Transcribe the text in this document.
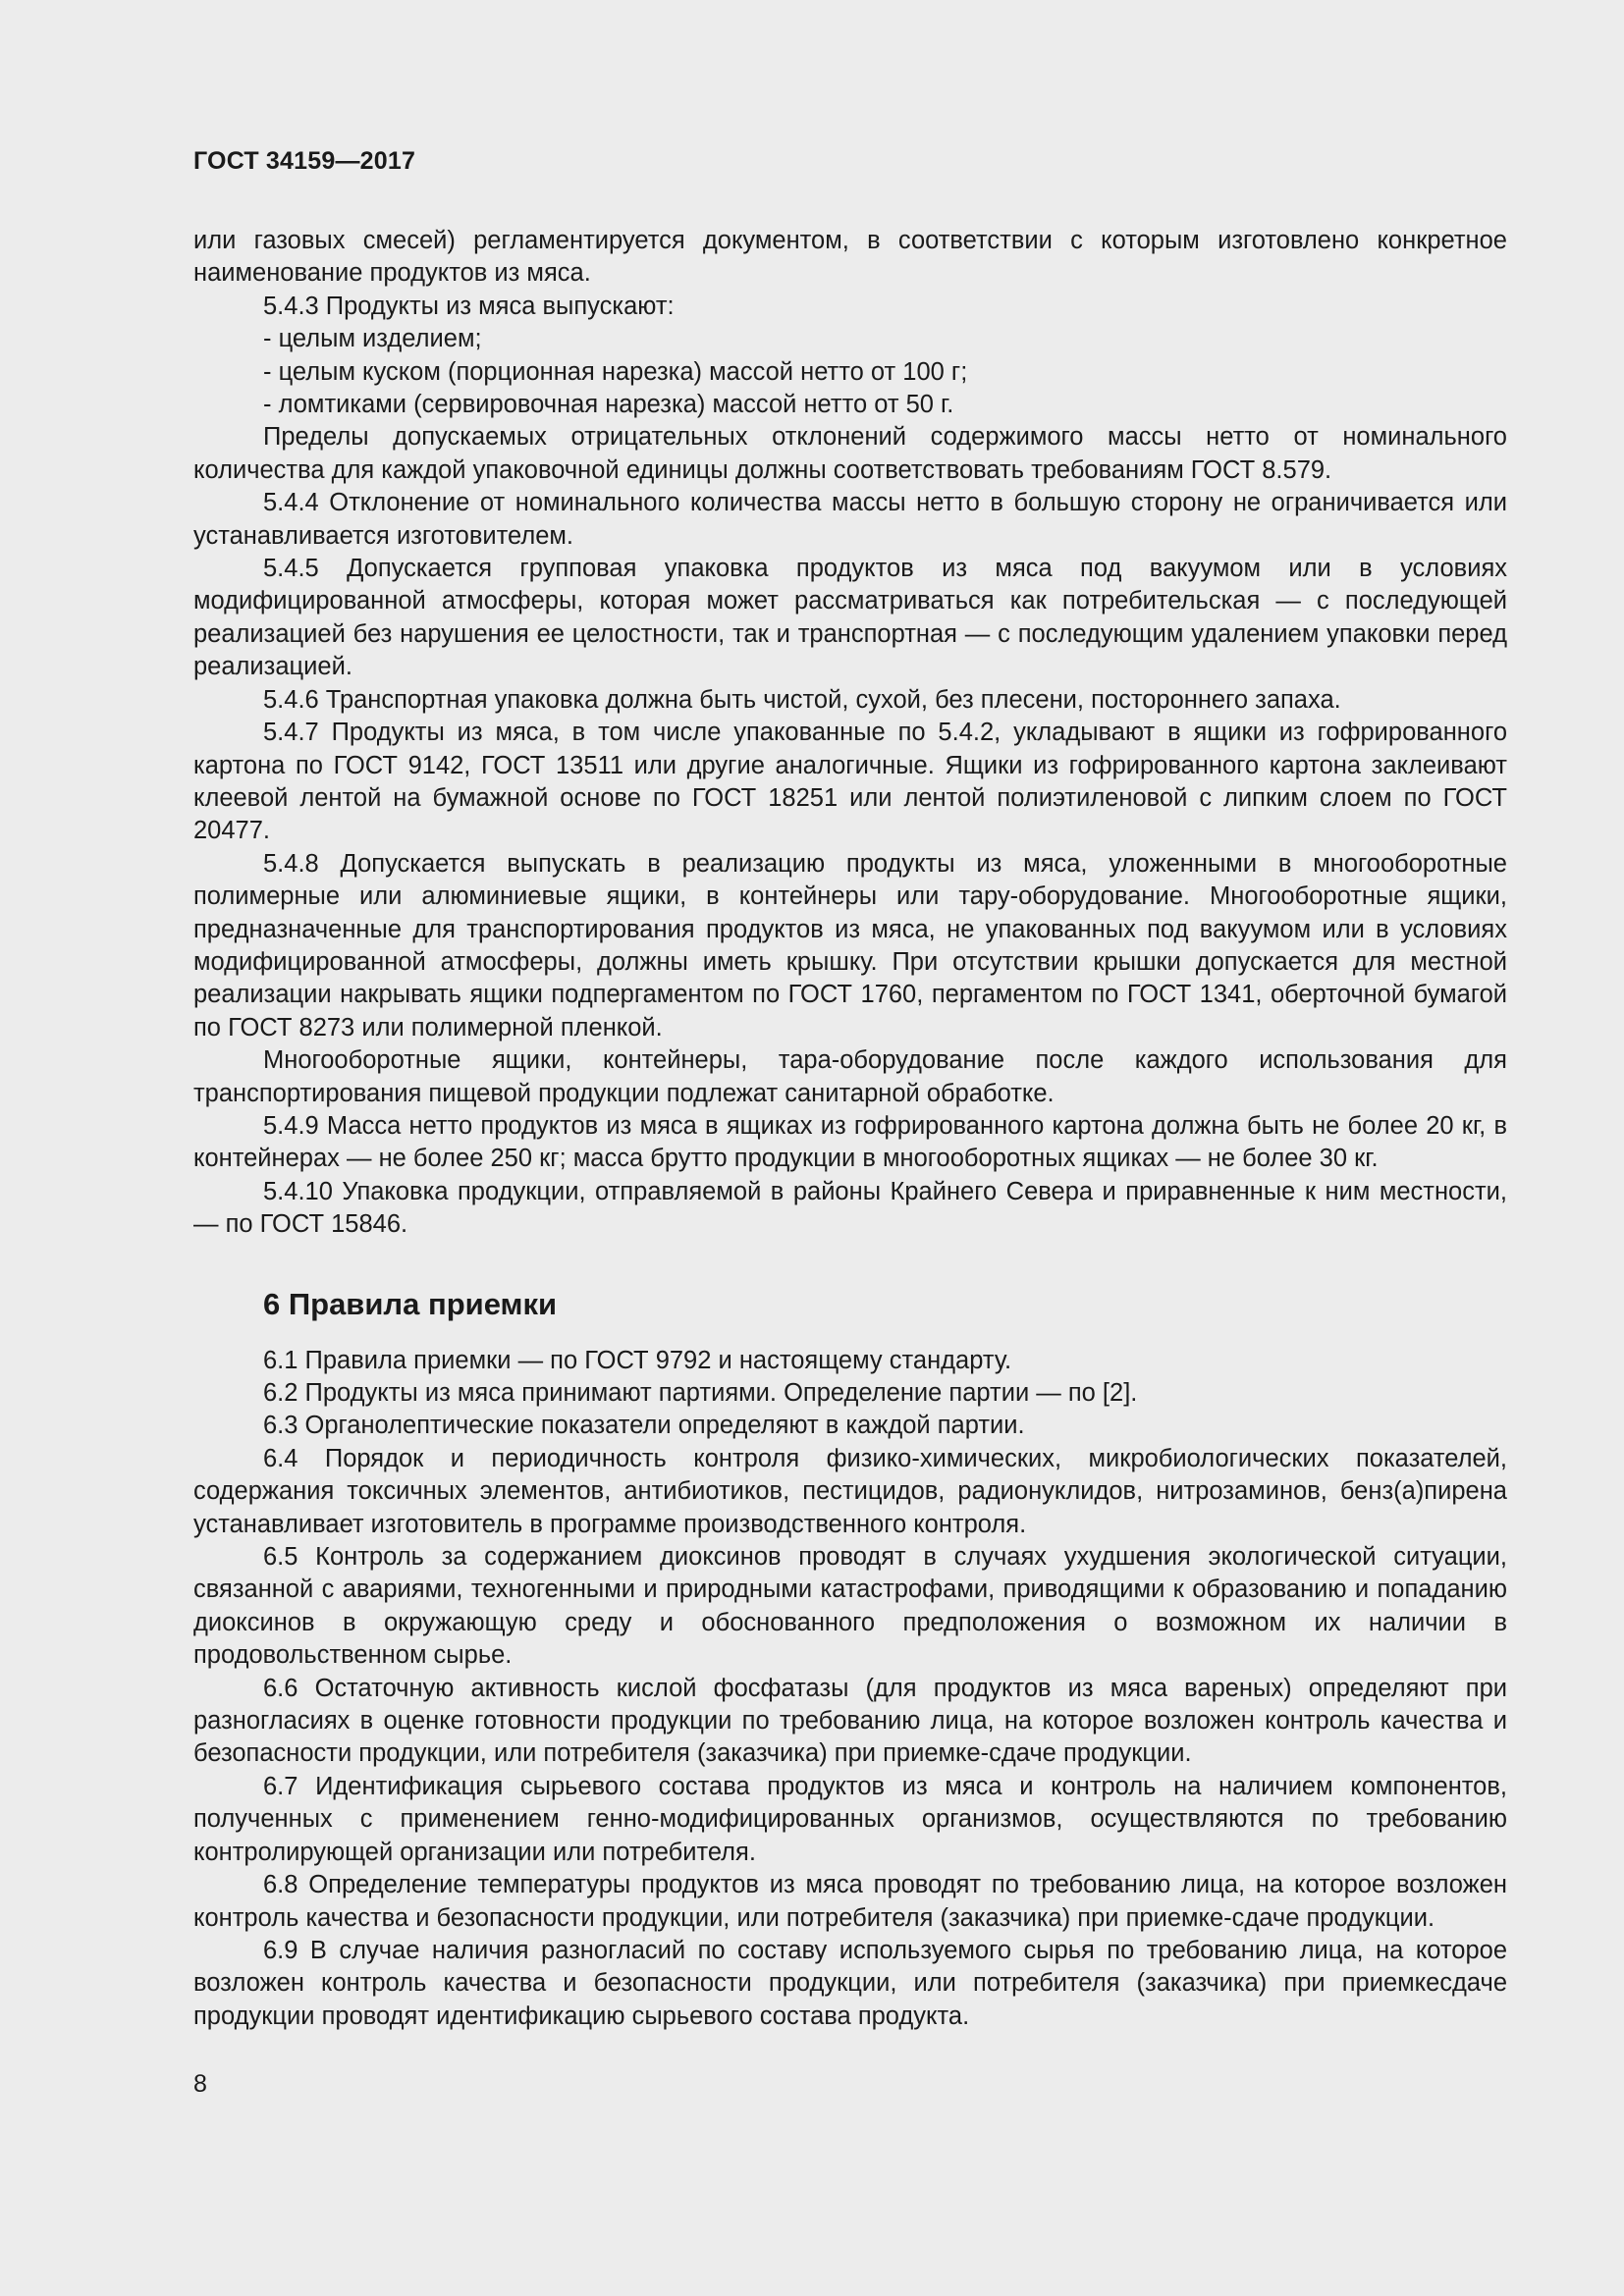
ГОСТ 34159—2017

или газовых смесей) регламентируется документом, в соответствии с которым изготовлено конкретное наименование продуктов из мяса.

5.4.3 Продукты из мяса выпускают:

- целым изделием;

- целым куском (порционная нарезка) массой нетто от 100 г;

- ломтиками (сервировочная нарезка) массой нетто от 50 г.

Пределы допускаемых отрицательных отклонений содержимого массы нетто от номинального количества для каждой упаковочной единицы должны соответствовать требованиям ГОСТ 8.579.

5.4.4 Отклонение от номинального количества массы нетто в большую сторону не ограничивается или устанавливается изготовителем.

5.4.5 Допускается групповая упаковка продуктов из мяса под вакуумом или в условиях модифицированной атмосферы, которая может рассматриваться как потребительская — с последующей реализацией без нарушения ее целостности, так и транспортная — с последующим удалением упаковки перед реализацией.

5.4.6 Транспортная упаковка должна быть чистой, сухой, без плесени, постороннего запаха.

5.4.7 Продукты из мяса, в том числе упакованные по 5.4.2, укладывают в ящики из гофрированного картона по ГОСТ 9142, ГОСТ 13511 или другие аналогичные. Ящики из гофрированного картона заклеивают клеевой лентой на бумажной основе по ГОСТ 18251 или лентой полиэтиленовой с липким слоем по ГОСТ 20477.

5.4.8 Допускается выпускать в реализацию продукты из мяса, уложенными в многооборотные полимерные или алюминиевые ящики, в контейнеры или тару-оборудование. Многооборотные ящики, предназначенные для транспортирования продуктов из мяса, не упакованных под вакуумом или в условиях модифицированной атмосферы, должны иметь крышку. При отсутствии крышки допускается для местной реализации накрывать ящики подпергаментом по ГОСТ 1760, пергаментом по ГОСТ 1341, оберточной бумагой по ГОСТ 8273 или полимерной пленкой.

Многооборотные ящики, контейнеры, тара-оборудование после каждого использования для транспортирования пищевой продукции подлежат санитарной обработке.

5.4.9 Масса нетто продуктов из мяса в ящиках из гофрированного картона должна быть не более 20 кг, в контейнерах — не более 250 кг; масса брутто продукции в многооборотных ящиках — не более 30 кг.

5.4.10 Упаковка продукции, отправляемой в районы Крайнего Севера и приравненные к ним местности, — по ГОСТ 15846.

6 Правила приемки

6.1 Правила приемки — по ГОСТ 9792 и настоящему стандарту.

6.2 Продукты из мяса принимают партиями. Определение партии — по [2].

6.3 Органолептические показатели определяют в каждой партии.

6.4 Порядок и периодичность контроля физико-химических, микробиологических показателей, содержания токсичных элементов, антибиотиков, пестицидов, радионуклидов, нитрозаминов, бенз(а)пирена устанавливает изготовитель в программе производственного контроля.

6.5 Контроль за содержанием диоксинов проводят в случаях ухудшения экологической ситуации, связанной с авариями, техногенными и природными катастрофами, приводящими к образованию и попаданию диоксинов в окружающую среду и обоснованного предположения о возможном их наличии в продовольственном сырье.

6.6 Остаточную активность кислой фосфатазы (для продуктов из мяса вареных) определяют при разногласиях в оценке готовности продукции по требованию лица, на которое возложен контроль качества и безопасности продукции, или потребителя (заказчика) при приемке-сдаче продукции.

6.7 Идентификация сырьевого состава продуктов из мяса и контроль на наличием компонентов, полученных с применением генно-модифицированных организмов, осуществляются по требованию контролирующей организации или потребителя.

6.8 Определение температуры продуктов из мяса проводят по требованию лица, на которое возложен контроль качества и безопасности продукции, или потребителя (заказчика) при приемке-сдаче продукции.

6.9 В случае наличия разногласий по составу используемого сырья по требованию лица, на которое возложен контроль качества и безопасности продукции, или потребителя (заказчика) при приемкесдаче продукции проводят идентификацию сырьевого состава продукта.

8
